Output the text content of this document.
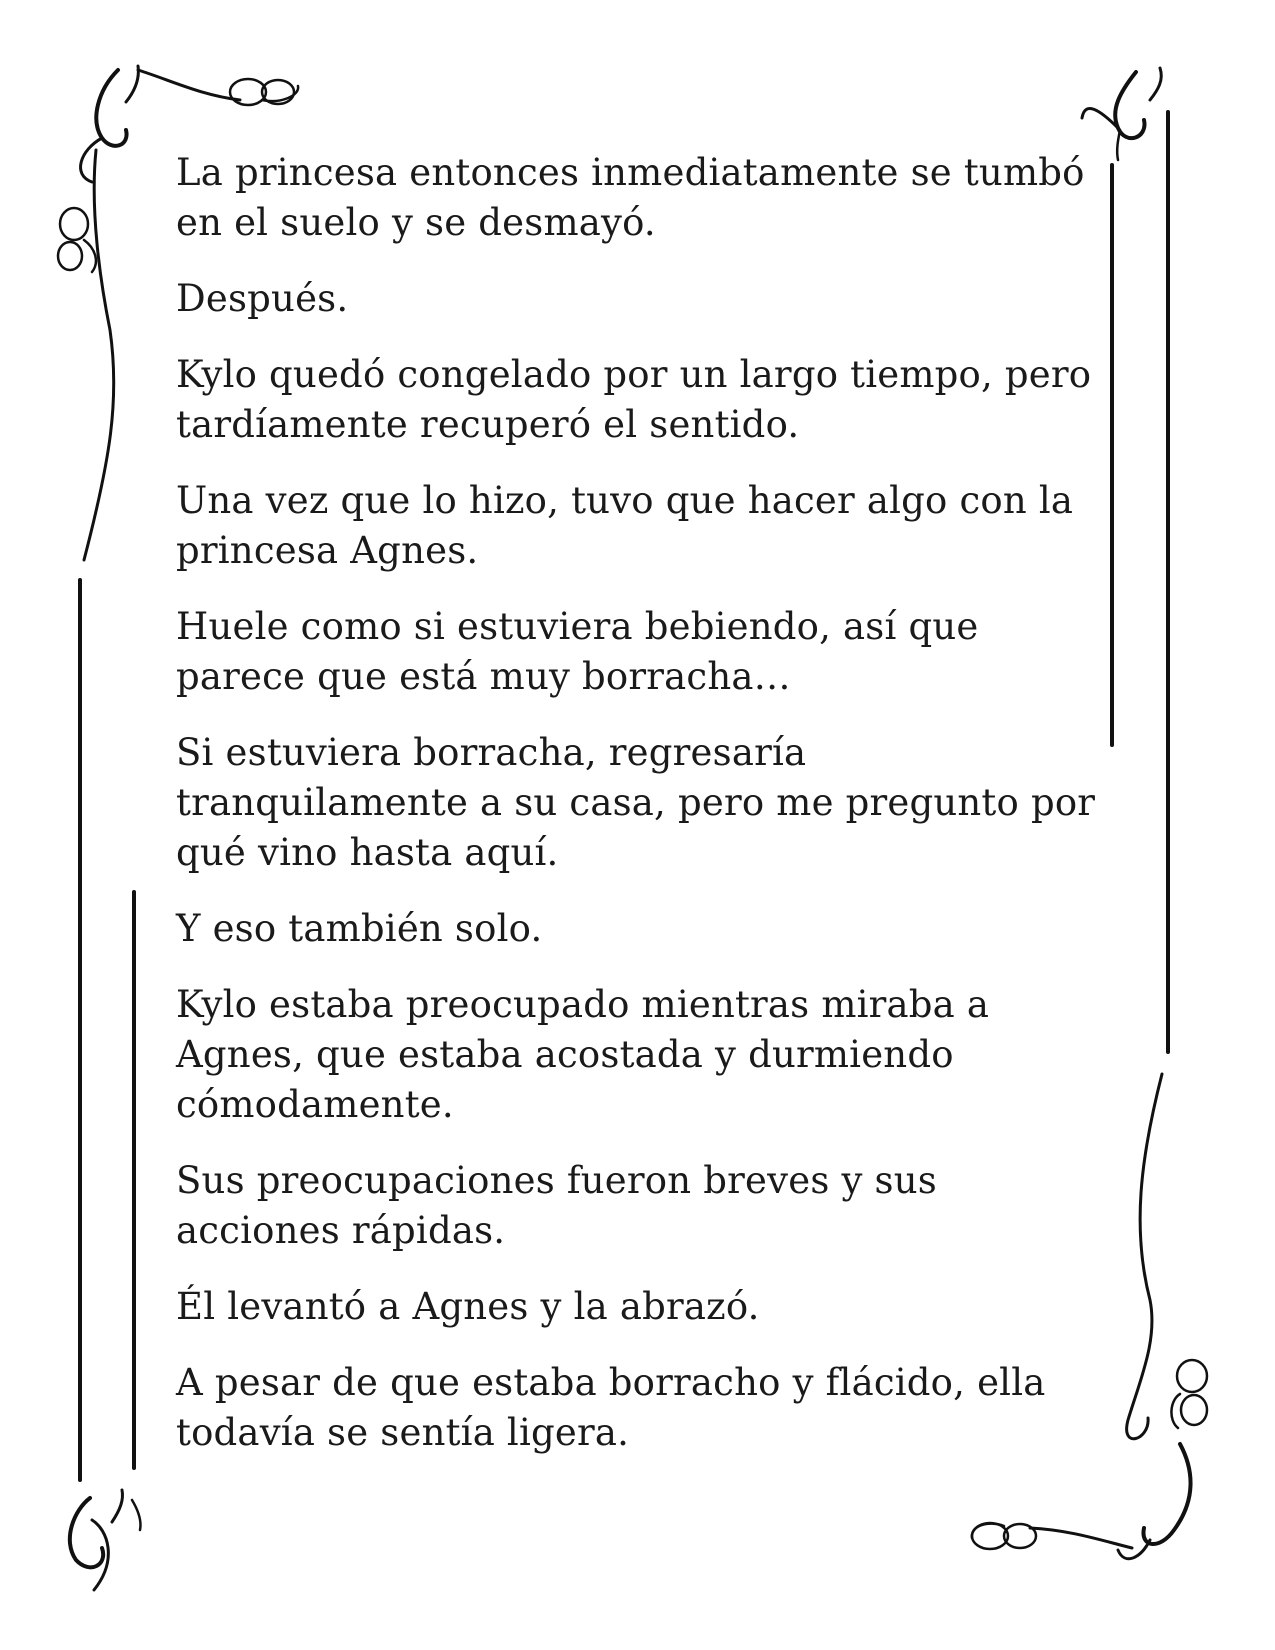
La princesa entonces inmediatamente se tumbó en el suelo y se desmayó.

Después.

Kylo quedó congelado por un largo tiempo, pero tardíamente recuperó el sentido.

Una vez que lo hizo, tuvo que hacer algo con la princesa Agnes.

Huele como si estuviera bebiendo, así que parece que está muy borracha…

Si estuviera borracha, regresaría tranquilamente a su casa, pero me pregunto por qué vino hasta aquí.

Y eso también solo.

Kylo estaba preocupado mientras miraba a Agnes, que estaba acostada y durmiendo cómodamente.

Sus preocupaciones fueron breves y sus acciones rápidas.

Él levantó a Agnes y la abrazó.

A pesar de que estaba borracho y flácido, ella todavía se sentía ligera.
